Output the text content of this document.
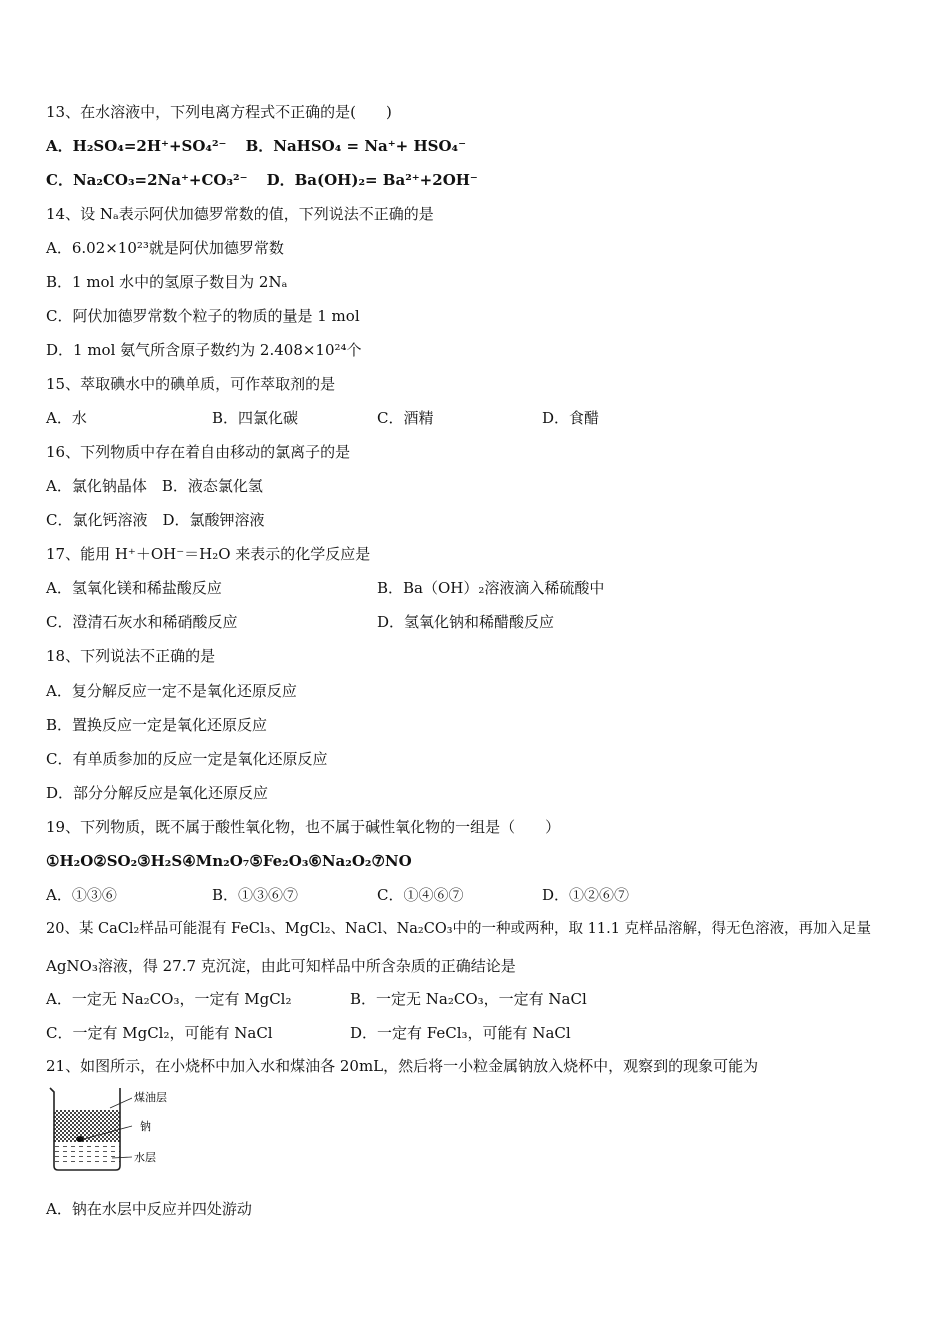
13、在水溶液中，下列电离方程式不正确的是(　　)
A．H₂SO₄=2H⁺+SO₄²⁻ B．NaHSO₄ = Na⁺+ HSO₄⁻
C．Na₂CO₃=2Na⁺+CO₃²⁻ D．Ba(OH)₂= Ba²⁺+2OH⁻
14、设 Nₐ表示阿伏加德罗常数的值，下列说法不正确的是
A．6.02×10²³就是阿伏加德罗常数
B．1 mol 水中的氢原子数目为 2Nₐ
C．阿伏加德罗常数个粒子的物质的量是 1 mol
D．1 mol 氨气所含原子数约为 2.408×10²⁴个
15、萃取碘水中的碘单质，可作萃取剂的是
A．水	B．四氯化碳	C．酒精	D．食醋
16、下列物质中存在着自由移动的氯离子的是
A．氯化钠晶体　B．液态氯化氢
C．氯化钙溶液　D．氯酸钾溶液
17、能用 H⁺＋OH⁻＝H₂O 来表示的化学反应是
A．氢氧化镁和稀盐酸反应	B．Ba（OH）₂溶液滴入稀硫酸中
C．澄清石灰水和稀硝酸反应	D．氢氧化钠和稀醋酸反应
18、下列说法不正确的是
A．复分解反应一定不是氧化还原反应
B．置换反应一定是氧化还原反应
C．有单质参加的反应一定是氧化还原反应
D．部分分解反应是氧化还原反应
19、下列物质，既不属于酸性氧化物，也不属于碱性氧化物的一组是（　　）
①H₂O②SO₂③H₂S④Mn₂O₇⑤Fe₂O₃⑥Na₂O₂⑦NO
A．①③⑥	B．①③⑥⑦	C．①④⑥⑦	D．①②⑥⑦
20、某 CaCl₂样品可能混有 FeCl₃、MgCl₂、NaCl、Na₂CO₃中的一种或两种，取 11.1 克样品溶解，得无色溶液，再加入足量
AgNO₃溶液，得 27.7 克沉淀，由此可知样品中所含杂质的正确结论是
A．一定无 Na₂CO₃，一定有 MgCl₂	B．一定无 Na₂CO₃，一定有 NaCl
C．一定有 MgCl₂，可能有 NaCl	D．一定有 FeCl₃，可能有 NaCl
21、如图所示，在小烧杯中加入水和煤油各 20mL，然后将一小粒金属钠放入烧杯中，观察到的现象可能为
煤油层
钠
水层
A．钠在水层中反应并四处游动
